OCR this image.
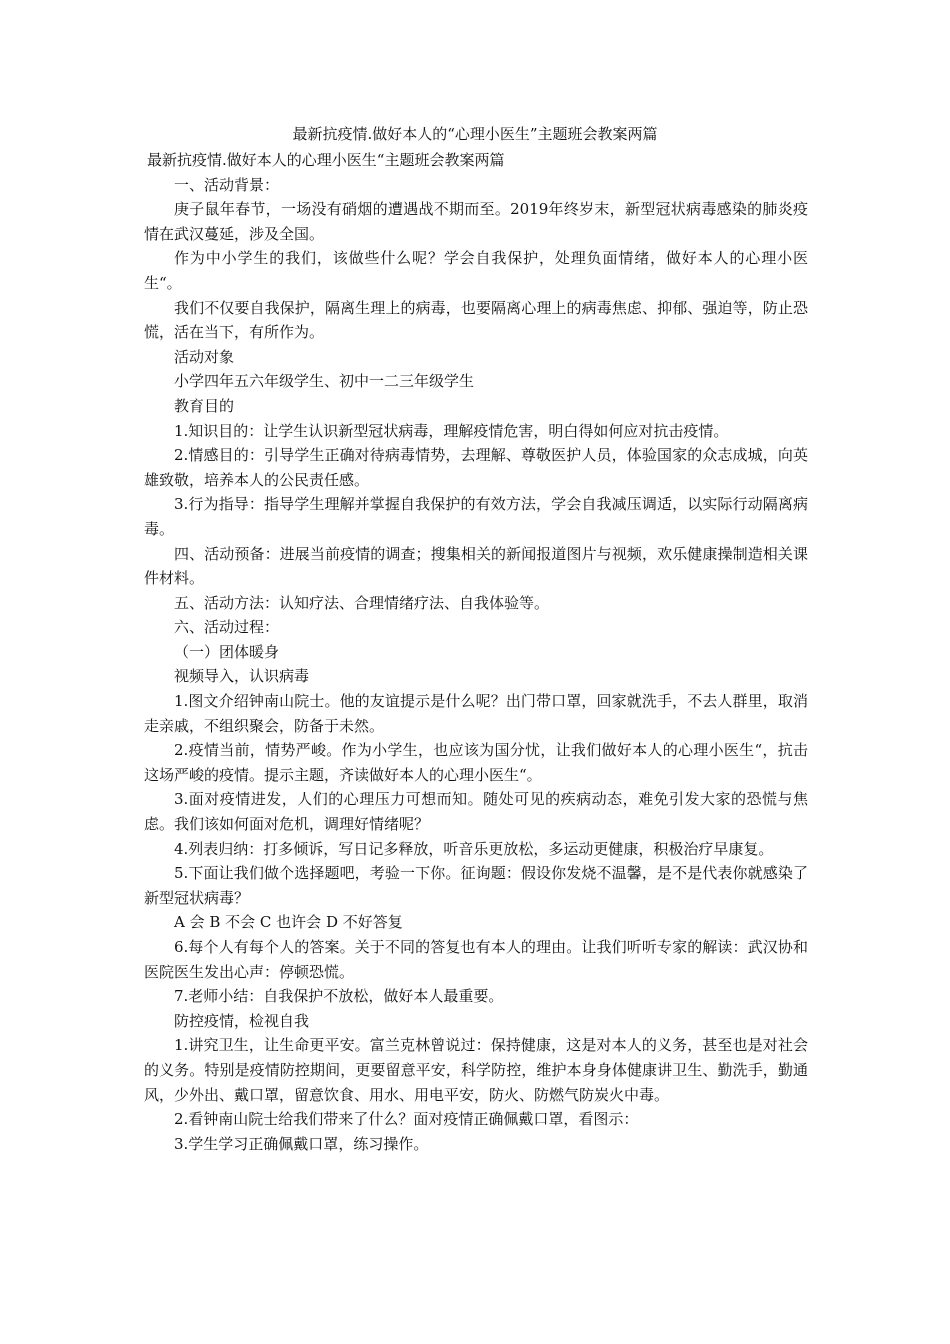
最新抗疫情.做好本人的“心理小医生”主题班会教案两篇

最新抗疫情.做好本人的心理小医生“主题班会教案两篇

一、活动背景：

庚子鼠年春节，一场没有硝烟的遭遇战不期而至。2019年终岁末，新型冠状病毒感染的肺炎疫情在武汉蔓延，涉及全国。

作为中小学生的我们，该做些什么呢？学会自我保护，处理负面情绪，做好本人的心理小医生“。

我们不仅要自我保护，隔离生理上的病毒，也要隔离心理上的病毒焦虑、抑郁、强迫等，防止恐慌，活在当下，有所作为。

活动对象

小学四年五六年级学生、初中一二三年级学生

教育目的

1.知识目的：让学生认识新型冠状病毒，理解疫情危害，明白得如何应对抗击疫情。

2.情感目的：引导学生正确对待病毒情势，去理解、尊敬医护人员，体验国家的众志成城，向英雄致敬，培养本人的公民责任感。

3.行为指导：指导学生理解并掌握自我保护的有效方法，学会自我减压调适，以实际行动隔离病毒。

四、活动预备：进展当前疫情的调查；搜集相关的新闻报道图片与视频，欢乐健康操制造相关课件材料。

五、活动方法：认知疗法、合理情绪疗法、自我体验等。

六、活动过程：

（一）团体暖身

视频导入，认识病毒

1.图文介绍钟南山院士。他的友谊提示是什么呢？出门带口罩，回家就洗手，不去人群里，取消走亲戚，不组织聚会，防备于未然。

2.疫情当前，情势严峻。作为小学生，也应该为国分忧，让我们做好本人的心理小医生“，抗击这场严峻的疫情。提示主题，齐读做好本人的心理小医生“。

3.面对疫情进发，人们的心理压力可想而知。随处可见的疾病动态，难免引发大家的恐慌与焦虑。我们该如何面对危机，调理好情绪呢？

4.列表归纳：打多倾诉，写日记多释放，听音乐更放松，多运动更健康，积极治疗早康复。

5.下面让我们做个选择题吧，考验一下你。征询题：假设你发烧不温馨，是不是代表你就感染了新型冠状病毒？

A 会 B 不会 C 也许会 D 不好答复

6.每个人有每个人的答案。关于不同的答复也有本人的理由。让我们听听专家的解读：武汉协和医院医生发出心声：停顿恐慌。

7.老师小结：自我保护不放松，做好本人最重要。

防控疫情，检视自我

1.讲究卫生，让生命更平安。富兰克林曾说过：保持健康，这是对本人的义务，甚至也是对社会的义务。特别是疫情防控期间，更要留意平安，科学防控，维护本身身体健康讲卫生、勤洗手，勤通风，少外出、戴口罩，留意饮食、用水、用电平安，防火、防燃气防炭火中毒。

2.看钟南山院士给我们带来了什么？面对疫情正确佩戴口罩，看图示：

3.学生学习正确佩戴口罩，练习操作。
